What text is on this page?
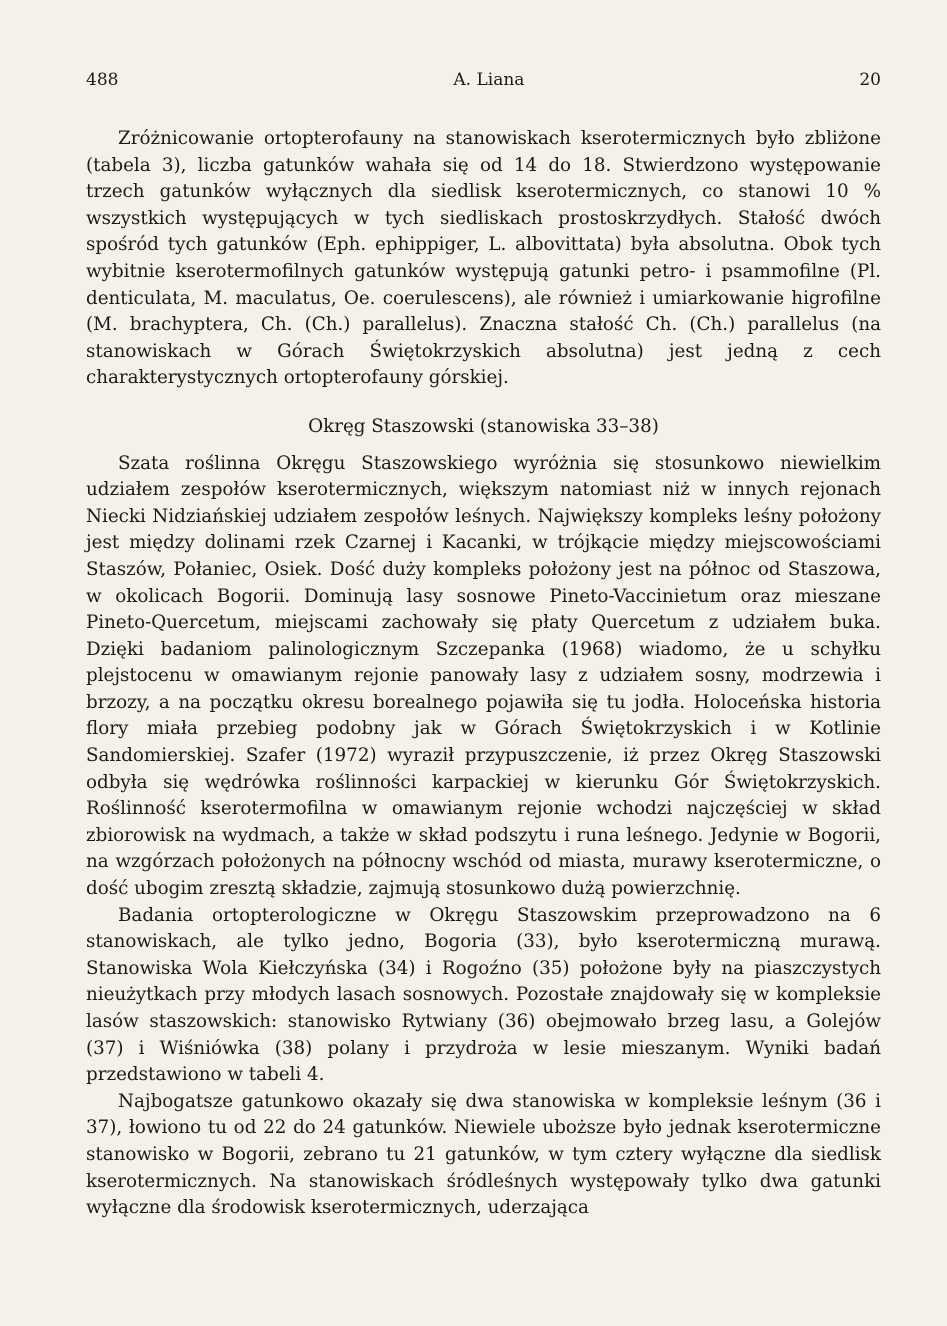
488	A. Liana	20

Zróżnicowanie ortopterofauny na stanowiskach kserotermicznych było zbliżone (tabela 3), liczba gatunków wahała się od 14 do 18. Stwierdzono występowanie trzech gatunków wyłącznych dla siedlisk kserotermicznych, co stanowi 10 % wszystkich występujących w tych siedliskach prostoskrzydłych. Stałość dwóch spośród tych gatunków (Eph. ephippiger, L. albovittata) była absolutna. Obok tych wybitnie kserotermofilnych gatunków występują gatunki petro- i psammofilne (Pl. denticulata, M. maculatus, Oe. coerulescens), ale również i umiarkowanie higrofilne (M. brachyptera, Ch. (Ch.) parallelus). Znaczna stałość Ch. (Ch.) parallelus (na stanowiskach w Górach Świętokrzyskich absolutna) jest jedną z cech charakterystycznych ortopterofauny górskiej.

Okręg Staszowski (stanowiska 33–38)

Szata roślinna Okręgu Staszowskiego wyróżnia się stosunkowo niewielkim udziałem zespołów kserotermicznych, większym natomiast niż w innych rejonach Niecki Nidziańskiej udziałem zespołów leśnych. Największy kompleks leśny położony jest między dolinami rzek Czarnej i Kacanki, w trójkącie między miejscowościami Staszów, Połaniec, Osiek. Dość duży kompleks położony jest na północ od Staszowa, w okolicach Bogorii. Dominują lasy sosnowe Pineto-Vaccinietum oraz mieszane Pineto-Quercetum, miejscami zachowały się płaty Quercetum z udziałem buka. Dzięki badaniom palinologicznym Szczepanka (1968) wiadomo, że u schyłku plejstocenu w omawianym rejonie panowały lasy z udziałem sosny, modrzewia i brzozy, a na początku okresu borealnego pojawiła się tu jodła. Holoceńska historia flory miała przebieg podobny jak w Górach Świętokrzyskich i w Kotlinie Sandomierskiej. Szafer (1972) wyraził przypuszczenie, iż przez Okręg Staszowski odbyła się wędrówka roślinności karpackiej w kierunku Gór Świętokrzyskich. Roślinność kserotermofilna w omawianym rejonie wchodzi najczęściej w skład zbiorowisk na wydmach, a także w skład podszytu i runa leśnego. Jedynie w Bogorii, na wzgórzach położonych na północny wschód od miasta, murawy kserotermiczne, o dość ubogim zresztą składzie, zajmują stosunkowo dużą powierzchnię.

Badania ortopterologiczne w Okręgu Staszowskim przeprowadzono na 6 stanowiskach, ale tylko jedno, Bogoria (33), było kserotermiczną murawą. Stanowiska Wola Kiełczyńska (34) i Rogoźno (35) położone były na piaszczystych nieużytkach przy młodych lasach sosnowych. Pozostałe znajdowały się w kompleksie lasów staszowskich: stanowisko Rytwiany (36) obejmowało brzeg lasu, a Golejów (37) i Wiśniówka (38) polany i przydroża w lesie mieszanym. Wyniki badań przedstawiono w tabeli 4.

Najbogatsze gatunkowo okazały się dwa stanowiska w kompleksie leśnym (36 i 37), łowiono tu od 22 do 24 gatunków. Niewiele uboższe było jednak kserotermiczne stanowisko w Bogorii, zebrano tu 21 gatunków, w tym cztery wyłączne dla siedlisk kserotermicznych. Na stanowiskach śródleśnych występowały tylko dwa gatunki wyłączne dla środowisk kserotermicznych, uderzająca
